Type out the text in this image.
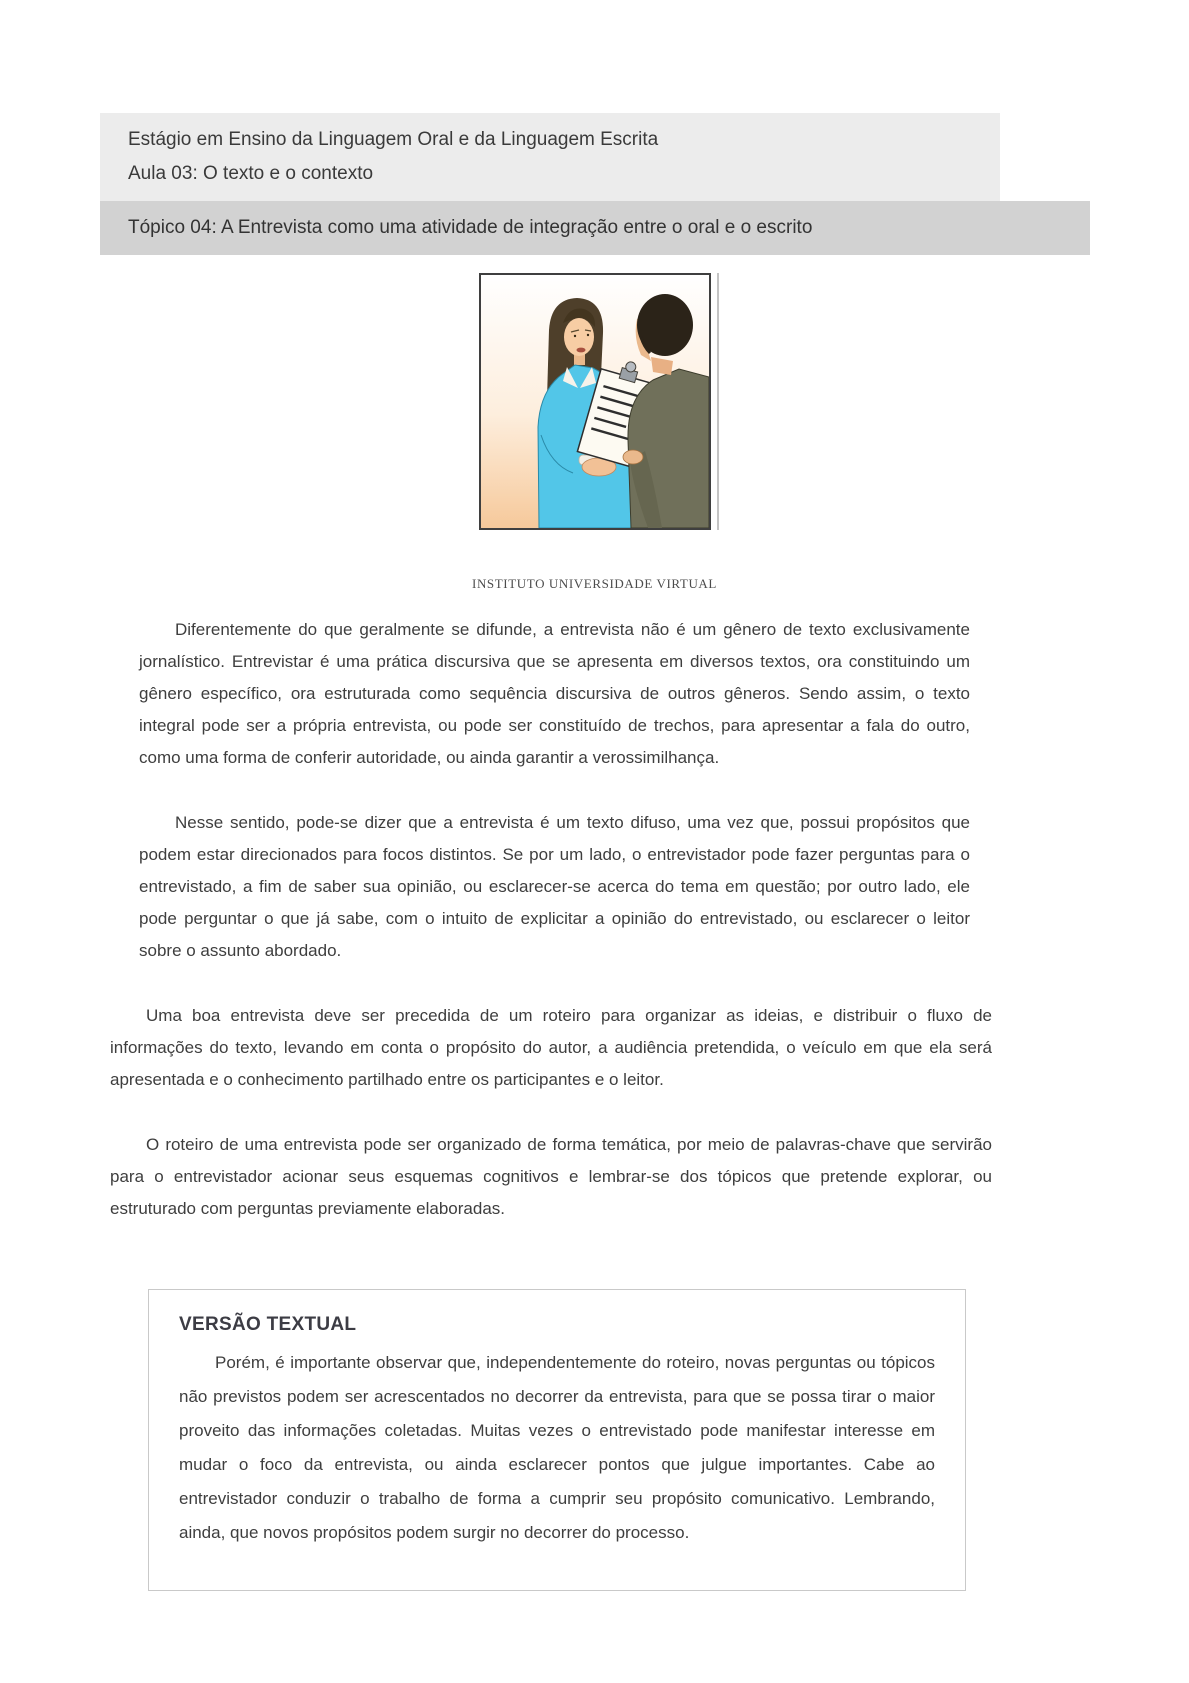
Estágio em Ensino da Linguagem Oral e da Linguagem Escrita
Aula 03: O texto e o contexto
Tópico 04: A Entrevista como uma atividade de integração entre o oral e o escrito
INSTITUTO UNIVERSIDADE VIRTUAL

Diferentemente do que geralmente se difunde, a entrevista não é um gênero de texto exclusivamente jornalístico. Entrevistar é uma prática discursiva que se apresenta em diversos textos, ora constituindo um gênero específico, ora estruturada como sequência discursiva de outros gêneros. Sendo assim, o texto integral pode ser a própria entrevista, ou pode ser constituído de trechos, para apresentar a fala do outro, como uma forma de conferir autoridade, ou ainda garantir a verossimilhança.

Nesse sentido, pode-se dizer que a entrevista é um texto difuso, uma vez que, possui propósitos que podem estar direcionados para focos distintos. Se por um lado, o entrevistador pode fazer perguntas para o entrevistado, a fim de saber sua opinião, ou esclarecer-se acerca do tema em questão; por outro lado, ele pode perguntar o que já sabe, com o intuito de explicitar a opinião do entrevistado, ou esclarecer o leitor sobre o assunto abordado.

Uma boa entrevista deve ser precedida de um roteiro para organizar as ideias, e distribuir o fluxo de informações do texto, levando em conta o propósito do autor, a audiência pretendida, o veículo em que ela será apresentada e o conhecimento partilhado entre os participantes e o leitor.

O roteiro de uma entrevista pode ser organizado de forma temática, por meio de palavras-chave que servirão para o entrevistador acionar seus esquemas cognitivos e lembrar-se dos tópicos que pretende explorar, ou estruturado com perguntas previamente elaboradas.

VERSÃO TEXTUAL

Porém, é importante observar que, independentemente do roteiro, novas perguntas ou tópicos não previstos podem ser acrescentados no decorrer da entrevista, para que se possa tirar o maior proveito das informações coletadas. Muitas vezes o entrevistado pode manifestar interesse em mudar o foco da entrevista, ou ainda esclarecer pontos que julgue importantes. Cabe ao entrevistador conduzir o trabalho de forma a cumprir seu propósito comunicativo. Lembrando, ainda, que novos propósitos podem surgir no decorrer do processo.
